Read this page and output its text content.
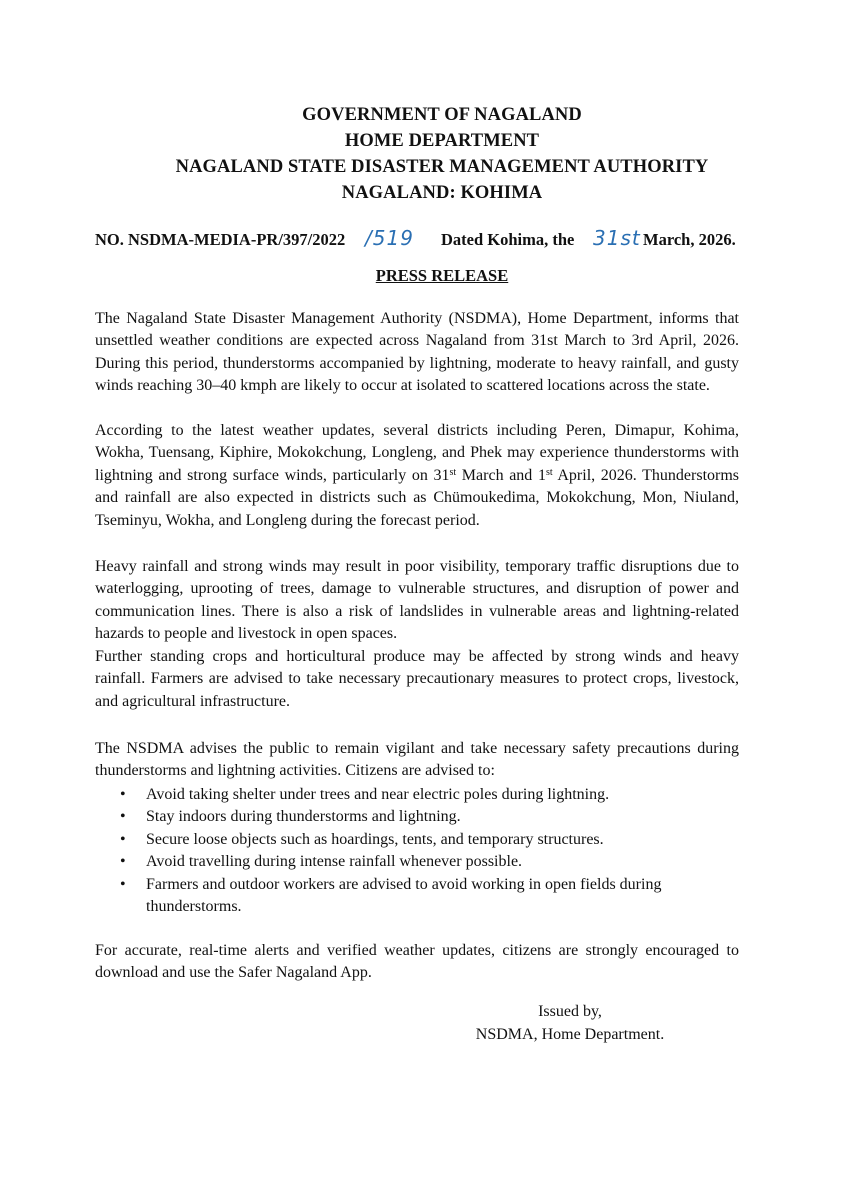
GOVERNMENT OF NAGALAND
HOME DEPARTMENT
NAGALAND STATE DISASTER MANAGEMENT AUTHORITY
NAGALAND: KOHIMA
NO. NSDMA-MEDIA-PR/397/2022 /519 Dated Kohima, the 31st March, 2026.
PRESS RELEASE

The Nagaland State Disaster Management Authority (NSDMA), Home Department, informs that unsettled weather conditions are expected across Nagaland from 31st March to 3rd April, 2026. During this period, thunderstorms accompanied by lightning, moderate to heavy rainfall, and gusty winds reaching 30–40 kmph are likely to occur at isolated to scattered locations across the state.

According to the latest weather updates, several districts including Peren, Dimapur, Kohima, Wokha, Tuensang, Kiphire, Mokokchung, Longleng, and Phek may experience thunderstorms with lightning and strong surface winds, particularly on 31st March and 1st April, 2026. Thunderstorms and rainfall are also expected in districts such as Chümoukedima, Mokokchung, Mon, Niuland, Tseminyu, Wokha, and Longleng during the forecast period.

Heavy rainfall and strong winds may result in poor visibility, temporary traffic disruptions due to waterlogging, uprooting of trees, damage to vulnerable structures, and disruption of power and communication lines. There is also a risk of landslides in vulnerable areas and lightning-related hazards to people and livestock in open spaces.

Further standing crops and horticultural produce may be affected by strong winds and heavy rainfall. Farmers are advised to take necessary precautionary measures to protect crops, livestock, and agricultural infrastructure.

The NSDMA advises the public to remain vigilant and take necessary safety precautions during thunderstorms and lightning activities. Citizens are advised to:

• Avoid taking shelter under trees and near electric poles during lightning.
• Stay indoors during thunderstorms and lightning.
• Secure loose objects such as hoardings, tents, and temporary structures.
• Avoid travelling during intense rainfall whenever possible.
• Farmers and outdoor workers are advised to avoid working in open fields during thunderstorms.

For accurate, real-time alerts and verified weather updates, citizens are strongly encouraged to download and use the Safer Nagaland App.

Issued by,
NSDMA, Home Department.
